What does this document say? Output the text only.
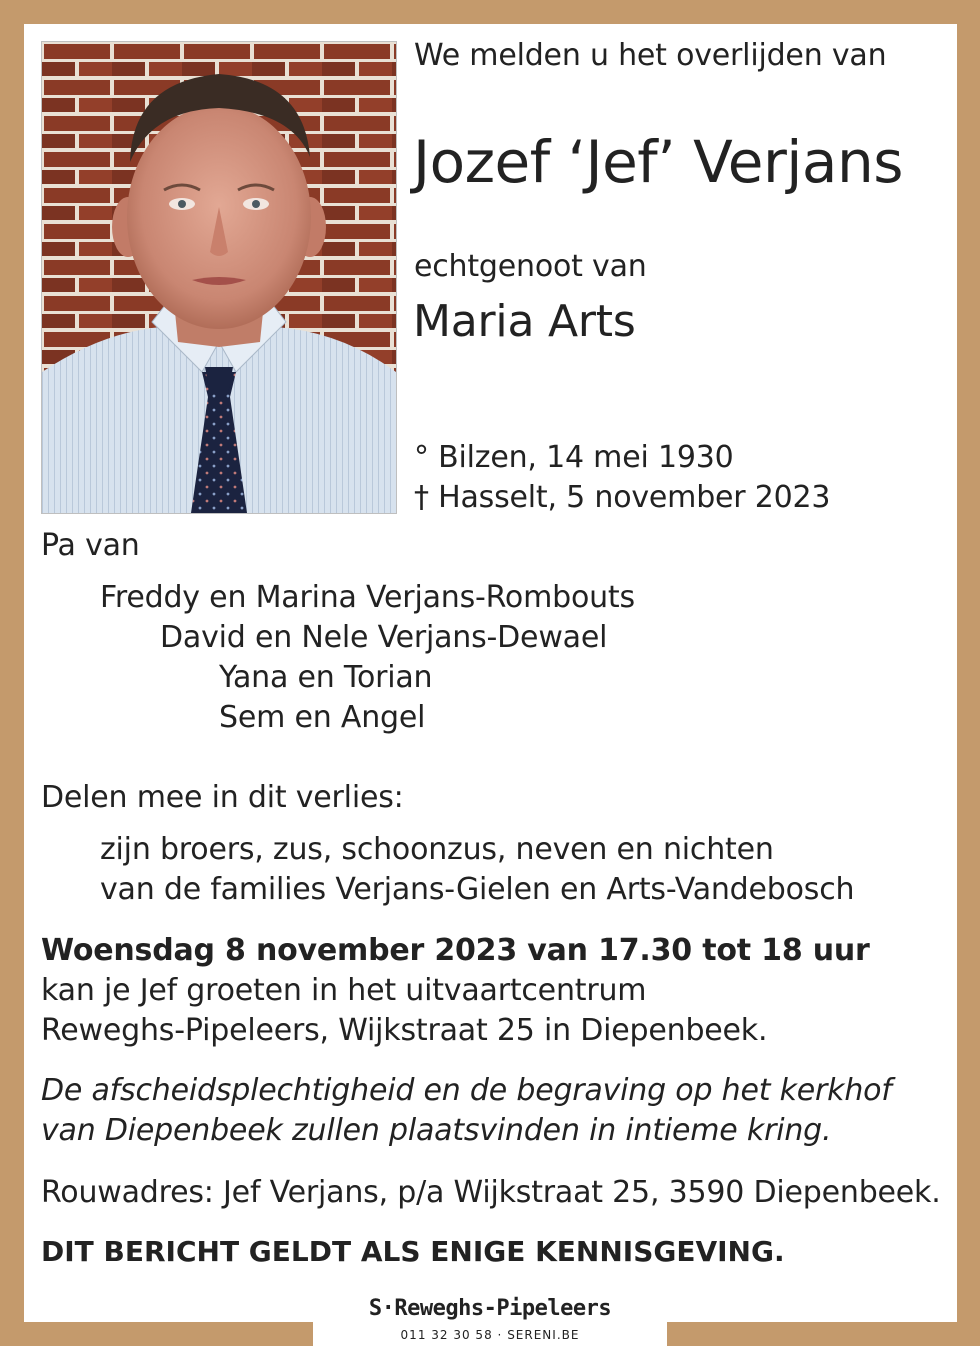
We melden u het overlijden van
Jozef ‘Jef’ Verjans
echtgenoot van
Maria Arts
° Bilzen, 14 mei 1930
† Hasselt, 5 november 2023
Pa van
Freddy en Marina Verjans-Rombouts
David en Nele Verjans-Dewael
Yana en Torian
Sem en Angel
Delen mee in dit verlies:
zijn broers, zus, schoonzus, neven en nichten
van de families Verjans-Gielen en Arts-Vandebosch
Woensdag 8 november 2023 van 17.30 tot 18 uur
kan je Jef groeten in het uitvaartcentrum
Reweghs-Pipeleers, Wijkstraat 25 in Diepenbeek.
De afscheidsplechtigheid en de begraving op het kerkhof
van Diepenbeek zullen plaatsvinden in intieme kring.
Rouwadres: Jef Verjans, p/a Wijkstraat 25, 3590 Diepenbeek.
DIT BERICHT GELDT ALS ENIGE KENNISGEVING.
S·Reweghs-Pipeleers
011 32 30 58 · SERENI.BE
